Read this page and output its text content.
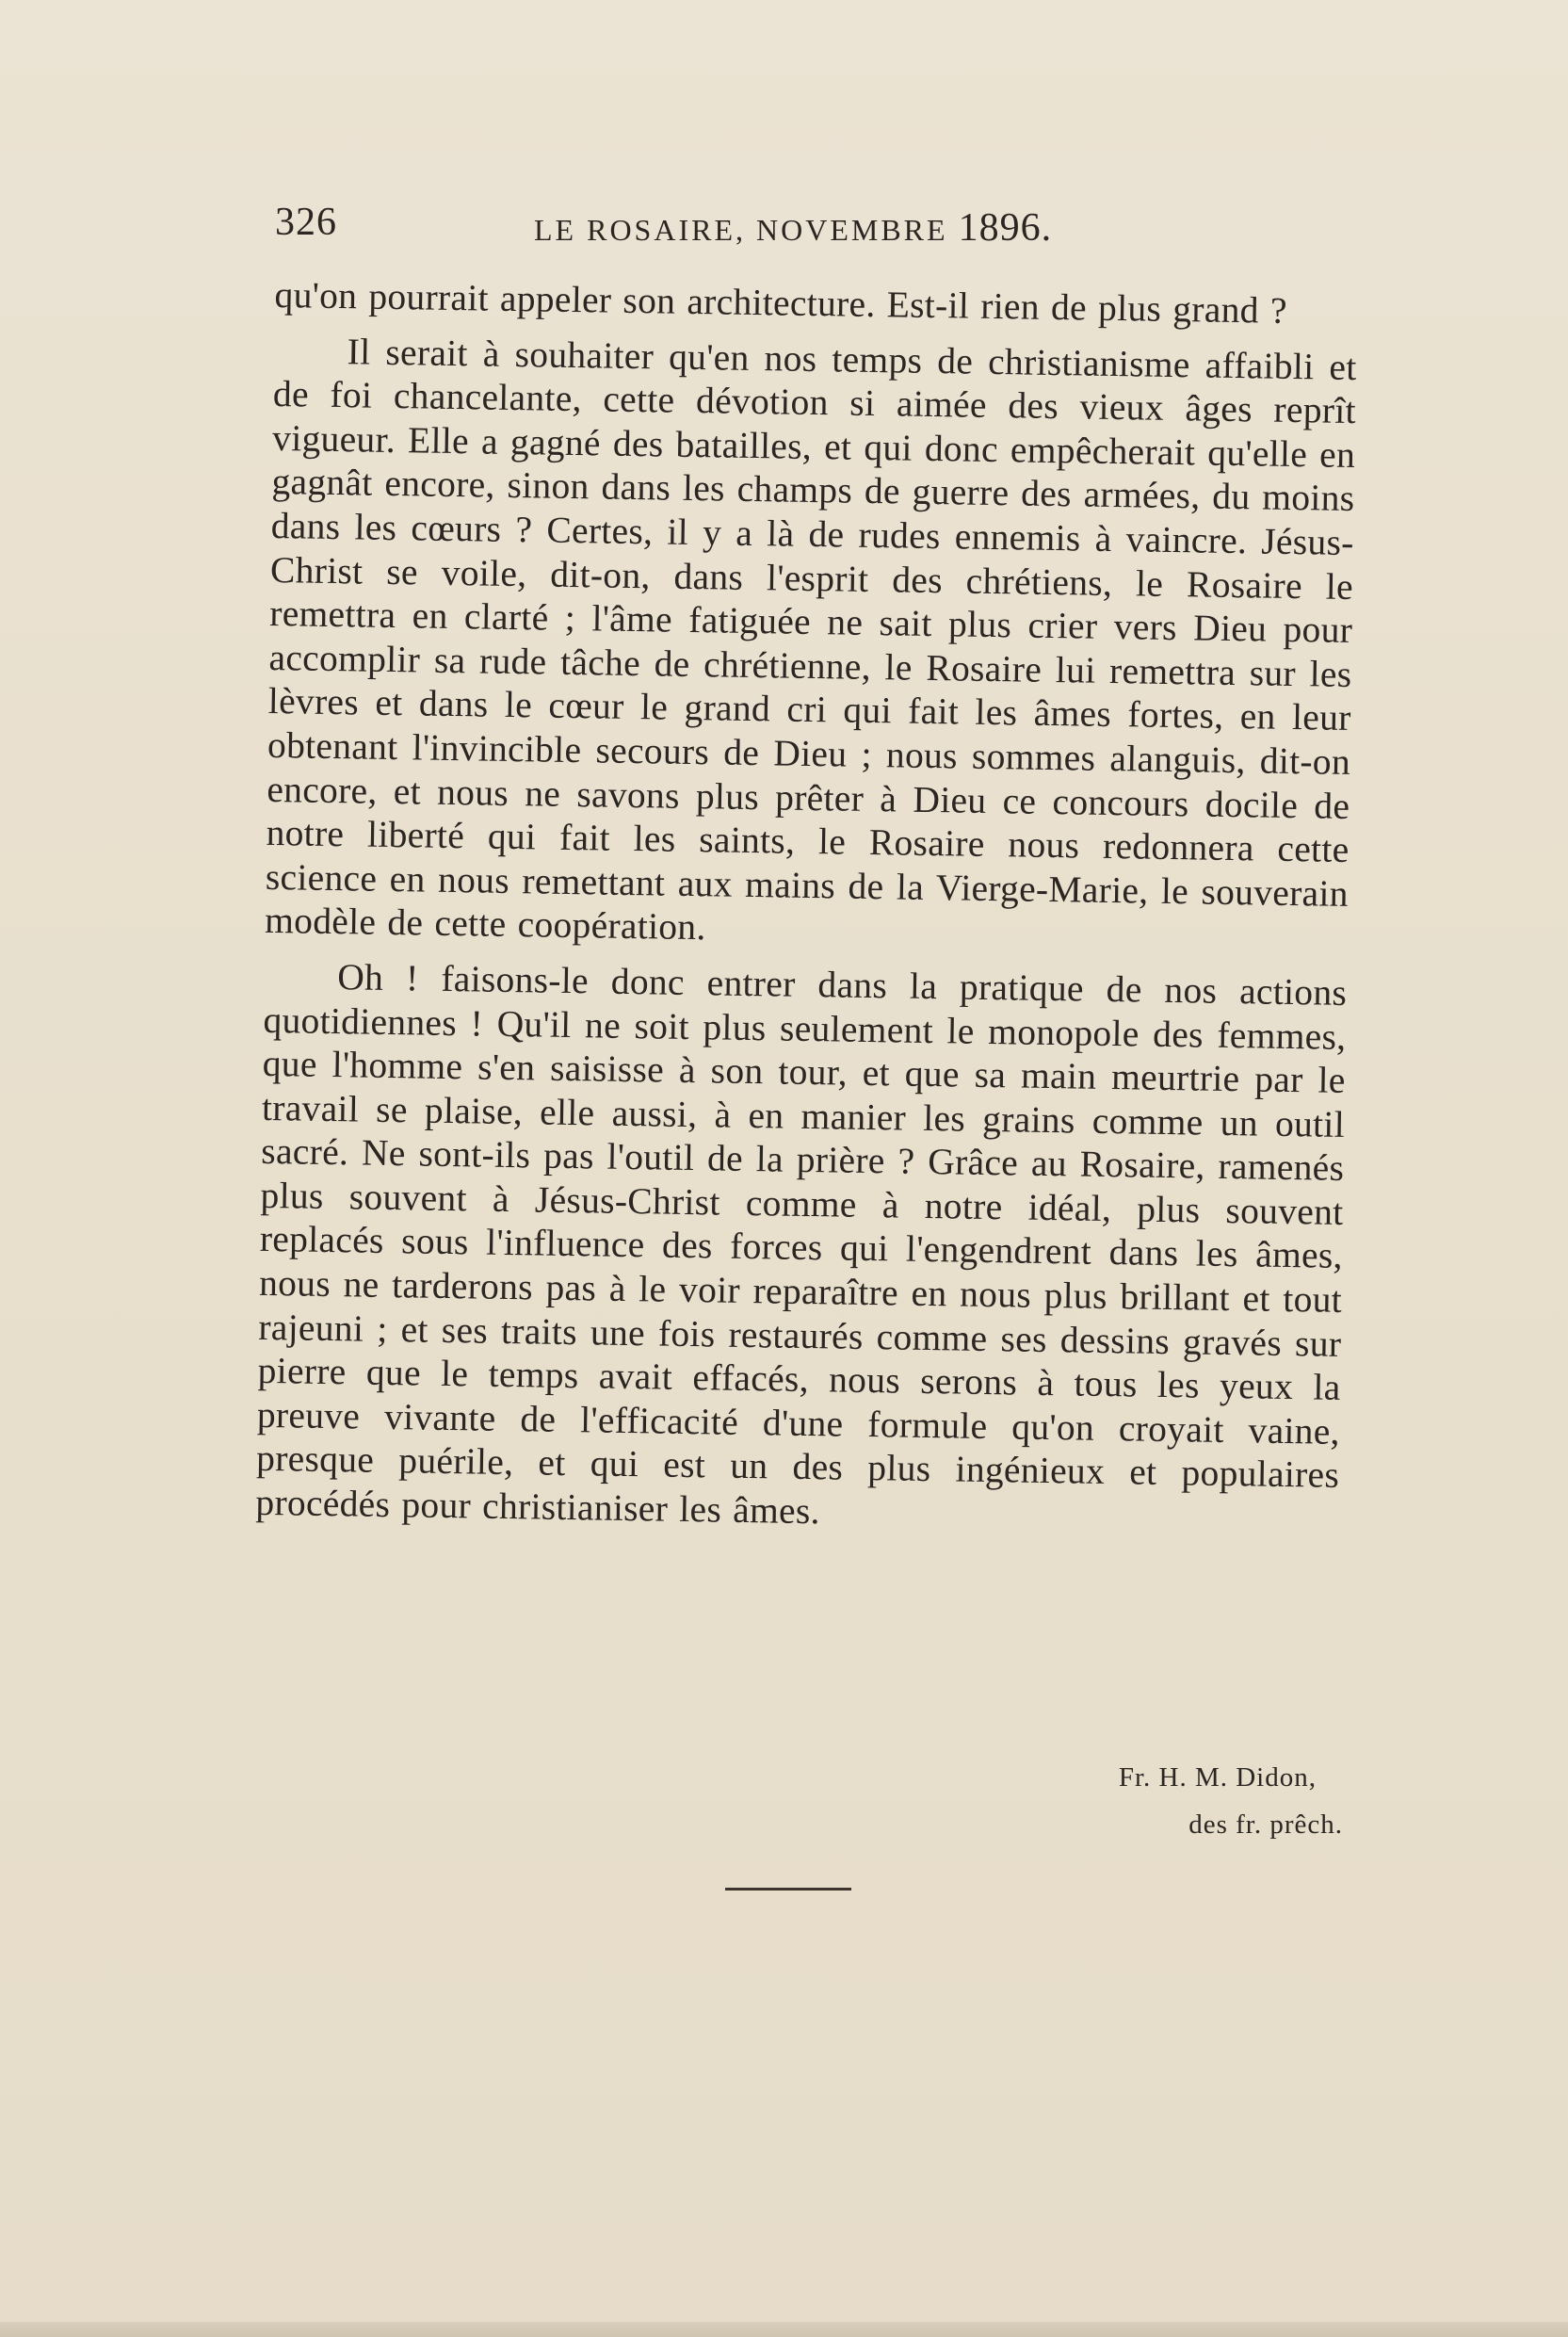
326	LE ROSAIRE, NOVEMBRE 1896.

qu'on pourrait appeler son architecture. Est-il rien de plus grand ?

Il serait à souhaiter qu'en nos temps de christianisme affaibli et de foi chancelante, cette dévotion si aimée des vieux âges reprît vigueur. Elle a gagné des batailles, et qui donc empêcherait qu'elle en gagnât encore, sinon dans les champs de guerre des armées, du moins dans les cœurs ? Certes, il y a là de rudes ennemis à vaincre. Jésus-Christ se voile, dit-on, dans l'esprit des chrétiens, le Rosaire le remettra en clarté ; l'âme fatiguée ne sait plus crier vers Dieu pour accomplir sa rude tâche de chrétienne, le Rosaire lui remettra sur les lèvres et dans le cœur le grand cri qui fait les âmes fortes, en leur obtenant l'invincible secours de Dieu ; nous sommes alanguis, dit-on encore, et nous ne savons plus prêter à Dieu ce concours docile de notre liberté qui fait les saints, le Rosaire nous redonnera cette science en nous remettant aux mains de la Vierge-Marie, le souverain modèle de cette coopération.

Oh ! faisons-le donc entrer dans la pratique de nos actions quotidiennes ! Qu'il ne soit plus seulement le monopole des femmes, que l'homme s'en saisisse à son tour, et que sa main meurtrie par le travail se plaise, elle aussi, à en manier les grains comme un outil sacré. Ne sont-ils pas l'outil de la prière ? Grâce au Rosaire, ramenés plus souvent à Jésus-Christ comme à notre idéal, plus souvent replacés sous l'influence des forces qui l'engendrent dans les âmes, nous ne tarderons pas à le voir reparaître en nous plus brillant et tout rajeuni ; et ses traits une fois restaurés comme ses dessins gravés sur pierre que le temps avait effacés, nous serons à tous les yeux la preuve vivante de l'efficacité d'une formule qu'on croyait vaine, presque puérile, et qui est un des plus ingénieux et populaires procédés pour christianiser les âmes.

Fr. H. M. Didon,
des fr. prêch.
